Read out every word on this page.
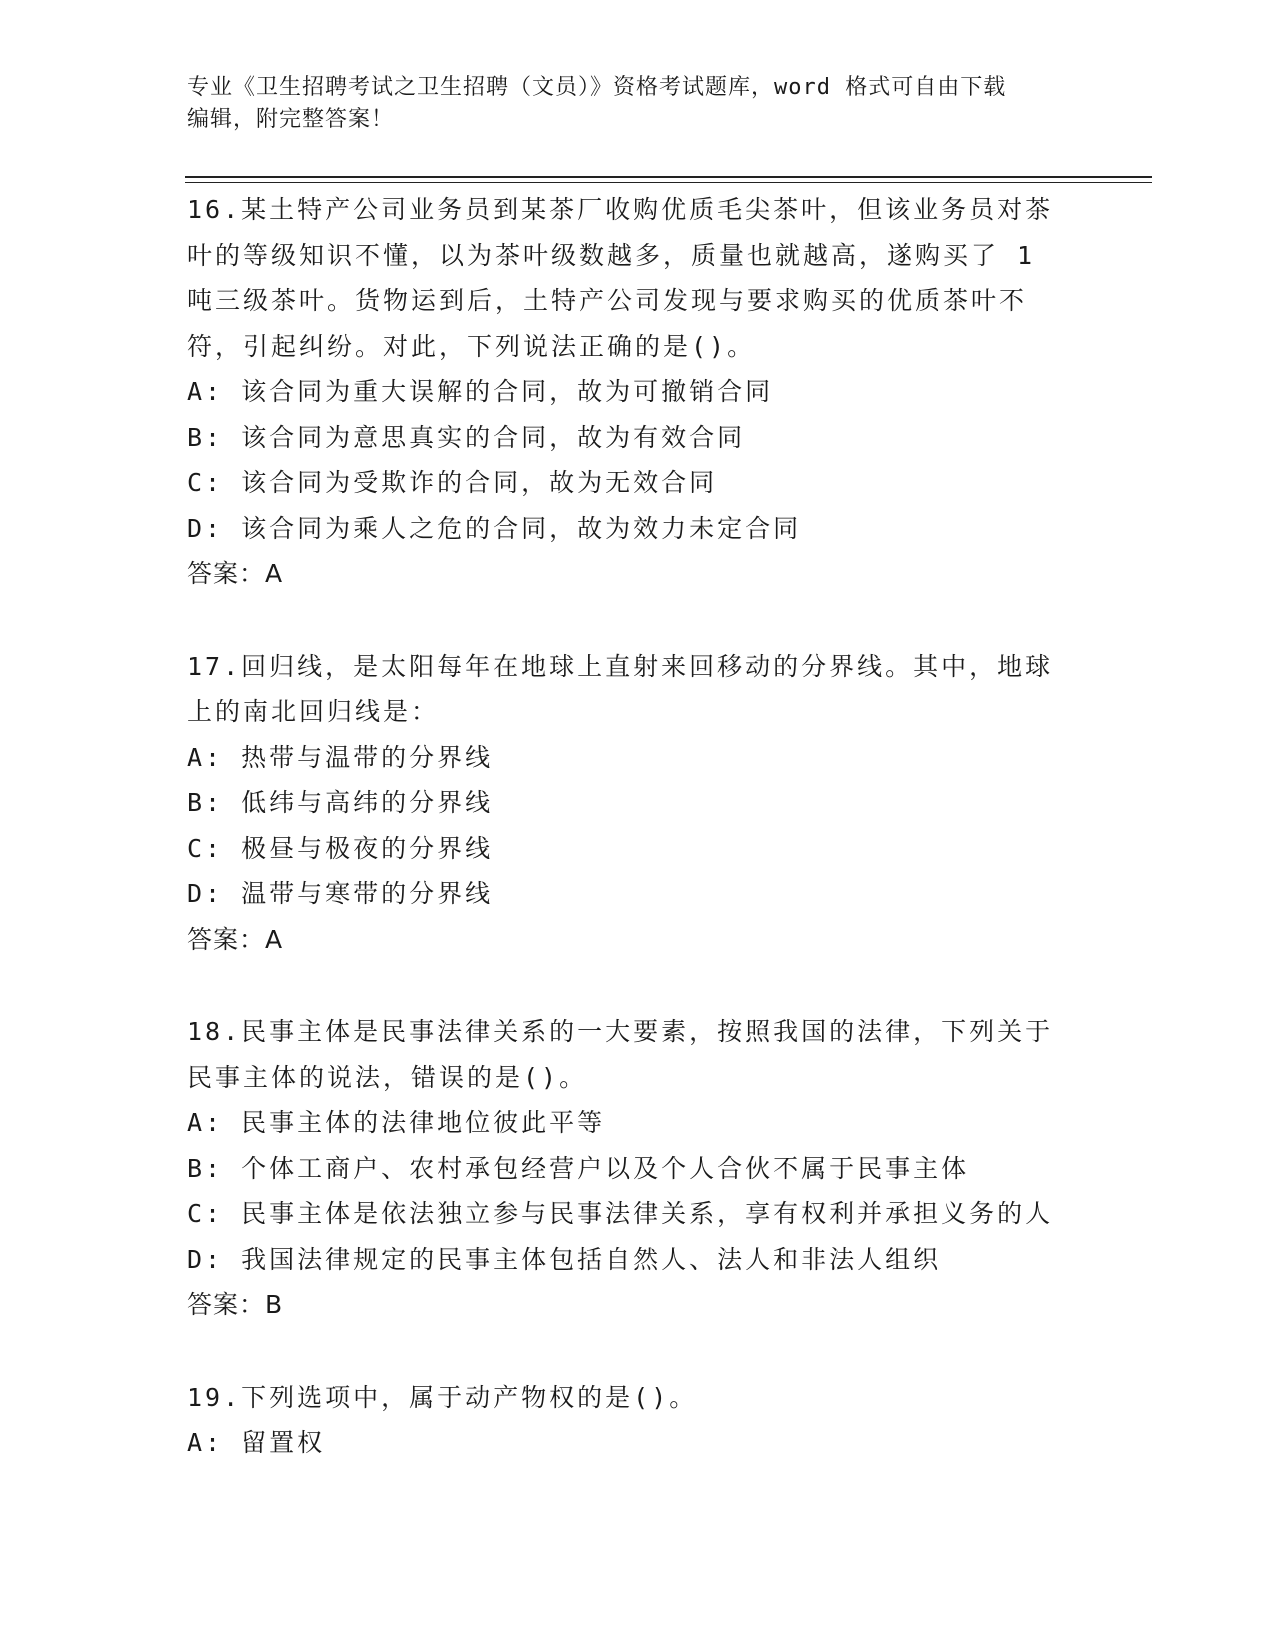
专业《卫生招聘考试之卫生招聘（文员）》资格考试题库，word 格式可自由下载
编辑，附完整答案！
16.某土特产公司业务员到某茶厂收购优质毛尖茶叶，但该业务员对茶
叶的等级知识不懂，以为茶叶级数越多，质量也就越高，遂购买了 1
吨三级茶叶。货物运到后，土特产公司发现与要求购买的优质茶叶不
符，引起纠纷。对此，下列说法正确的是()。
A: 该合同为重大误解的合同，故为可撤销合同
B: 该合同为意思真实的合同，故为有效合同
C: 该合同为受欺诈的合同，故为无效合同
D: 该合同为乘人之危的合同，故为效力未定合同
答案：A
17.回归线，是太阳每年在地球上直射来回移动的分界线。其中，地球
上的南北回归线是：
A: 热带与温带的分界线
B: 低纬与高纬的分界线
C: 极昼与极夜的分界线
D: 温带与寒带的分界线
答案：A
18.民事主体是民事法律关系的一大要素，按照我国的法律，下列关于
民事主体的说法，错误的是()。
A: 民事主体的法律地位彼此平等
B: 个体工商户、农村承包经营户以及个人合伙不属于民事主体
C: 民事主体是依法独立参与民事法律关系，享有权利并承担义务的人
D: 我国法律规定的民事主体包括自然人、法人和非法人组织
答案：B
19.下列选项中，属于动产物权的是()。
A: 留置权
